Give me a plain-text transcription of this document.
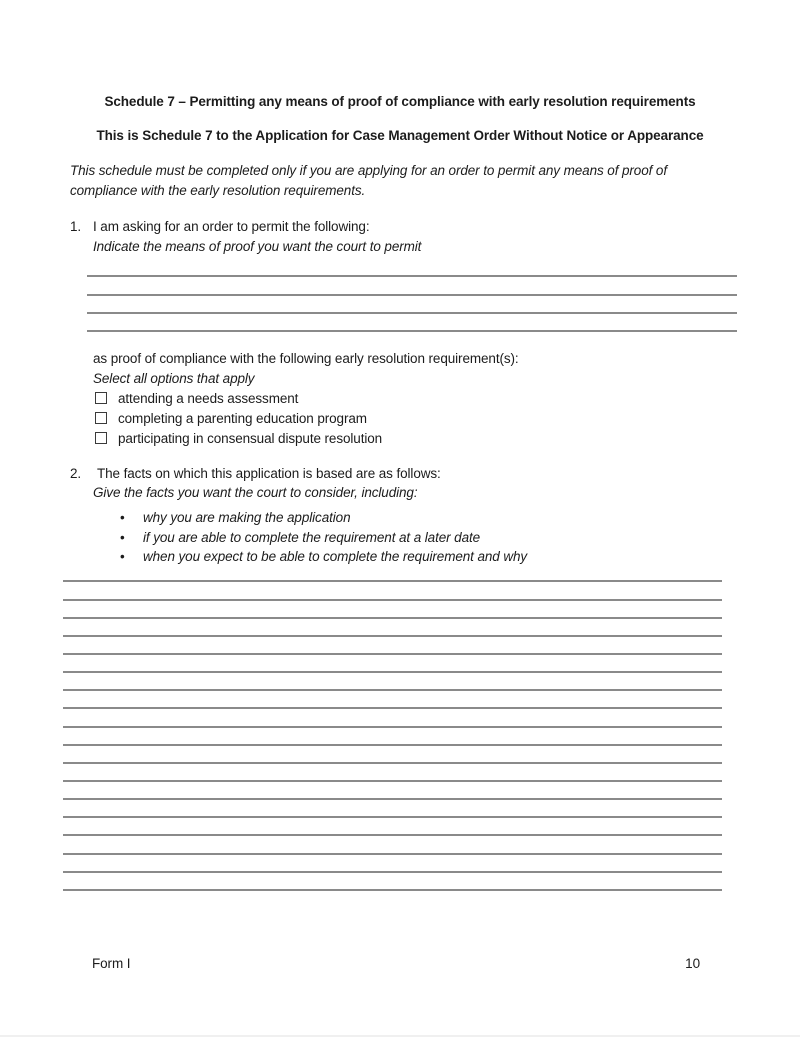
Schedule 7 – Permitting any means of proof of compliance with early resolution requirements
This is Schedule 7 to the Application for Case Management Order Without Notice or Appearance
This schedule must be completed only if you are applying for an order to permit any means of proof of
compliance with the early resolution requirements.
1. I am asking for an order to permit the following:
Indicate the means of proof you want the court to permit
as proof of compliance with the following early resolution requirement(s):
Select all options that apply
attending a needs assessment
completing a parenting education program
participating in consensual dispute resolution
2. The facts on which this application is based are as follows:
Give the facts you want the court to consider, including:
•why you are making the application
•if you are able to complete the requirement at a later date
•when you expect to be able to complete the requirement and why
Form I	10
